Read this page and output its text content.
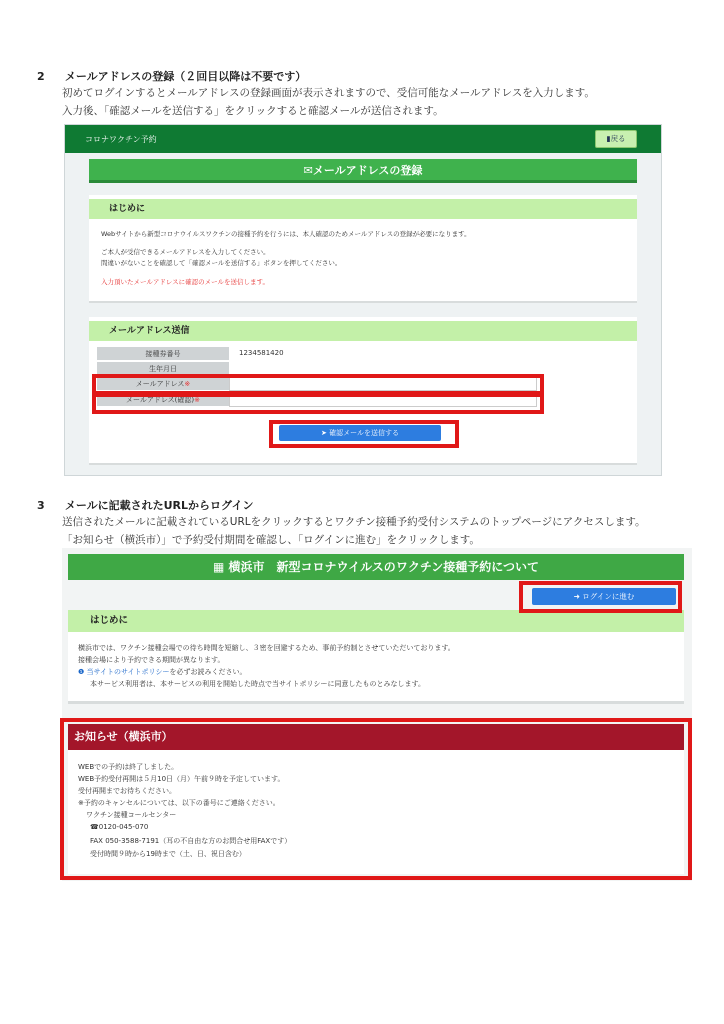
2 メールアドレスの登録（２回目以降は不要です）
初めてログインするとメールアドレスの登録画面が表示されますので、受信可能なメールアドレスを入力します。
入力後、「確認メールを送信する」をクリックすると確認メールが送信されます。
コロナワクチン予約	▮戻る
✉メールアドレスの登録
はじめに
Webサイトから新型コロナウイルスワクチンの接種予約を行うには、本人確認のためメールアドレスの登録が必要になります。
ご本人が受信できるメールアドレスを入力してください。
間違いがないことを確認して「確認メールを送信する」ボタンを押してください。
入力頂いたメールアドレスに確認のメールを送信します。
メールアドレス送信
接種券番号	1234581420
生年月日
メールアドレス※
メールアドレス(確認)※
➤ 確認メールを送信する
3 メールに記載されたURLからログイン
送信されたメールに記載されているURLをクリックするとワクチン接種予約受付システムのトップページにアクセスします。
「お知らせ（横浜市）」で予約受付期間を確認し、「ログインに進む」をクリックします。
▦ 横浜市　新型コロナウイルスのワクチン接種予約について
➜ ログインに進む
はじめに
横浜市では、ワクチン接種会場での待ち時間を短縮し、３密を回避するため、事前予約制とさせていただいております。
接種会場により予約できる期間が異なります。
❶ 当サイトのサイトポリシーを必ずお読みください。
本サービス利用者は、本サービスの利用を開始した時点で当サイトポリシーに同意したものとみなします。
お知らせ（横浜市）
WEBでの予約は終了しました。
WEB予約受付再開は５月10日（月）午前９時を予定しています。
受付再開までお待ちください。
※予約のキャンセルについては、以下の番号にご連絡ください。
ワクチン接種コールセンター
☎0120-045-070
FAX 050-3588-7191（耳の不自由な方のお問合せ用FAXです）
受付時間９時から19時まで（土、日、祝日含む）
